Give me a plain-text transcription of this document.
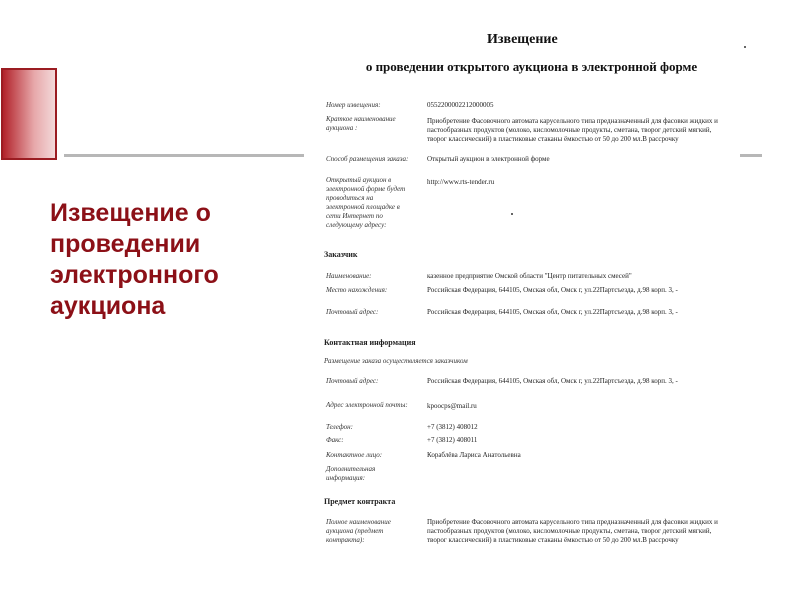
Извещение о
проведении
электронного
аукциона
Извещение
о проведении открытого аукциона в электронной форме
Номер извещения:	0552200002212000005
Краткое наименование аукциона :
Приобретение Фасовочного автомата карусельного типа предназначенный для фасовки жидких и пастообразных продуктов (молоко, кисломолочные продукты, сметана, творог детский мягкий, творог классический) в пластиковые стаканы ёмкостью от 50 до 200 мл.В рассрочку
Способ размещения заказа:	Открытый аукцион в электронной форме
Открытый аукцион в электронной форме будет проводиться на электронной площадке в сети Интернет по следующему адресу:
http://www.rts-tender.ru
Заказчик
Наименование:	казенное предприятие Омской области "Центр питательных смесей"
Место нахождения:	Российская Федерация, 644105, Омская обл, Омск г, ул.22Партсъезда, д.98 корп. 3, -
Почтовый адрес:	Российская Федерация, 644105, Омская обл, Омск г, ул.22Партсъезда, д.98 корп. 3, -
Контактная информация
Размещение заказа осуществляется заказчиком
Почтовый адрес:	Российская Федерация, 644105, Омская обл, Омск г, ул.22Партсъезда, д.98 корп. 3, -
Адрес электронной почты:	kpoocps@mail.ru
Телефон:	+7 (3812) 408012
Факс:	+7 (3812) 408011
Контактное лицо:	Кораблёва Лариса Анатольевна
Дополнительная информация:
Предмет контракта
Полное наименование аукциона (предмет контракта):
Приобретение Фасовочного автомата карусельного типа предназначенный для фасовки жидких и пастообразных продуктов (молоко, кисломолочные продукты, сметана, творог детский мягкий, творог классический) в пластиковые стаканы ёмкостью от 50 до 200 мл.В рассрочку
